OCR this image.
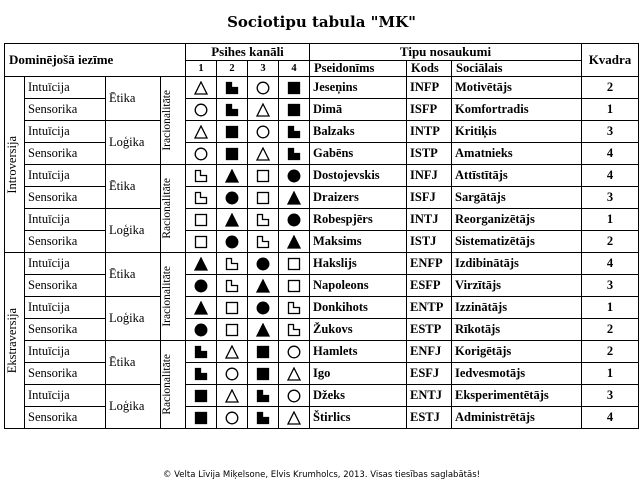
Sociotipu tabula "MK"
Dominējošā iezīme				Psihes kanāli				Tipu nosaukumi			Kvadra
				1	2	3	4	Pseidonīms	Kods	Sociālais	

Introversija	Intuīcija	Ētika	Iracionalitāte					Jeseņins	INFP	Motivētājs	2
	Sensorika							Dimā	ISFP	Komfortradis	1
	Intuīcija	Loģika						Balzaks	INTP	Kritiķis	3
	Sensorika							Gabēns	ISTP	Amatnieks	4
	Intuīcija	Ētika	Racionalitāte					Dostojevskis	INFJ	Attīstītājs	4
	Sensorika							Draizers	ISFJ	Sargātājs	3
	Intuīcija	Loģika						Robespjērs	INTJ	Reorganizētājs	1
	Sensorika							Maksims	ISTJ	Sistematizētājs	2

Ekstraversija	Intuīcija	Ētika	Iracionalitāte					Hakslijs	ENFP	Izdibinātājs	4
	Sensorika							Napoleons	ESFP	Virzītājs	3
	Intuīcija	Loģika						Donkihots	ENTP	Izzinātājs	1
	Sensorika							Žukovs	ESTP	Rīkotājs	2
	Intuīcija	Ētika	Racionalitāte					Hamlets	ENFJ	Korigētājs	2
	Sensorika							Igo	ESFJ	Iedvesmotājs	1
	Intuīcija	Loģika						Džeks	ENTJ	Eksperimentētājs	3
	Sensorika							Štirlics	ESTJ	Administrētājs	4
© Velta Līvija Miķelsone, Elvis Krumholcs, 2013. Visas tiesības saglabātās!
